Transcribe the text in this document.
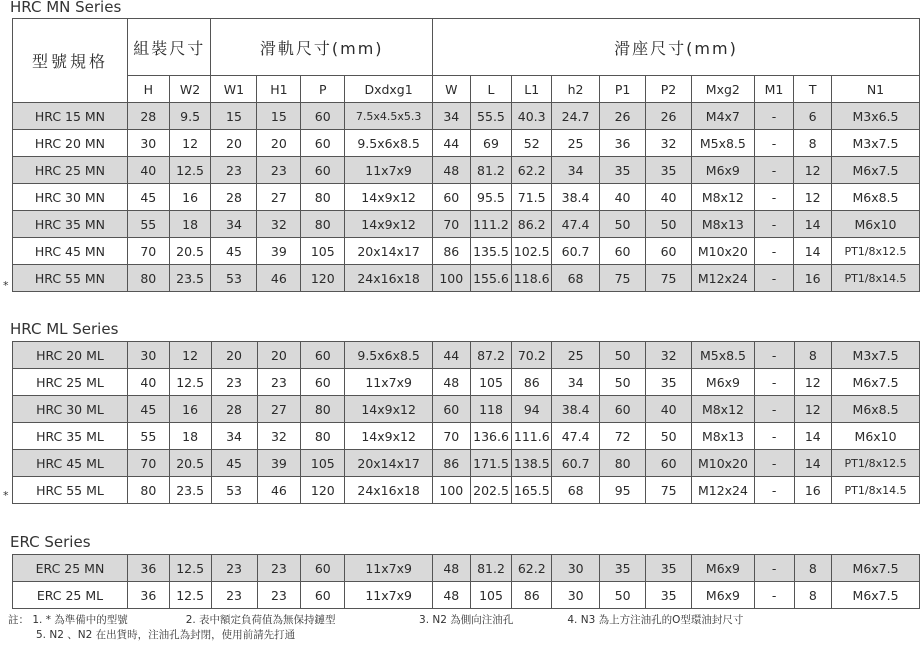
HRC MN Series
型號規格	組裝尺寸		滑軌尺寸(mm)				滑座尺寸(mm)									
	H	W2	W1	H1	P	Dxdxg1	W	L	L1	h2	P1	P2	Mxg2	M1	T	N1
HRC 15 MN	28	9.5	15	15	60	7.5x4.5x5.3	34	55.5	40.3	24.7	26	26	M4x7	-	6	M3x6.5
HRC 20 MN	30	12	20	20	60	9.5x6x8.5	44	69	52	25	36	32	M5x8.5	-	8	M3x7.5
HRC 25 MN	40	12.5	23	23	60	11x7x9	48	81.2	62.2	34	35	35	M6x9	-	12	M6x7.5
HRC 30 MN	45	16	28	27	80	14x9x12	60	95.5	71.5	38.4	40	40	M8x12	-	12	M6x8.5
HRC 35 MN	55	18	34	32	80	14x9x12	70	111.2	86.2	47.4	50	50	M8x13	-	14	M6x10
HRC 45 MN	70	20.5	45	39	105	20x14x17	86	135.5	102.5	60.7	60	60	M10x20	-	14	PT1/8x12.5
HRC 55 MN	80	23.5	53	46	120	24x16x18	100	155.6	118.6	68	75	75	M12x24	-	16	PT1/8x14.5
HRC ML Series
HRC 20 ML	30	12	20	20	60	9.5x6x8.5	44	87.2	70.2	25	50	32	M5x8.5	-	8	M3x7.5
HRC 25 ML	40	12.5	23	23	60	11x7x9	48	105	86	34	50	35	M6x9	-	12	M6x7.5
HRC 30 ML	45	16	28	27	80	14x9x12	60	118	94	38.4	60	40	M8x12	-	12	M6x8.5
HRC 35 ML	55	18	34	32	80	14x9x12	70	136.6	111.6	47.4	72	50	M8x13	-	14	M6x10
HRC 45 ML	70	20.5	45	39	105	20x14x17	86	171.5	138.5	60.7	80	60	M10x20	-	14	PT1/8x12.5
HRC 55 ML	80	23.5	53	46	120	24x16x18	100	202.5	165.5	68	95	75	M12x24	-	16	PT1/8x14.5
ERC Series
ERC 25 MN	36	12.5	23	23	60	11x7x9	48	81.2	62.2	30	35	35	M6x9	-	8	M6x7.5
ERC 25 ML	36	12.5	23	23	60	11x7x9	48	105	86	30	50	35	M6x9	-	8	M6x7.5
*
*
註： 1. * 為準備中的型號	2. 表中額定負荷值為無保持鏈型	3. N2 為側向注油孔	4. N3 為上方注油孔的O型環油封尺寸
5. N2 、N2 在出貨時，注油孔為封閉，使用前請先打通
